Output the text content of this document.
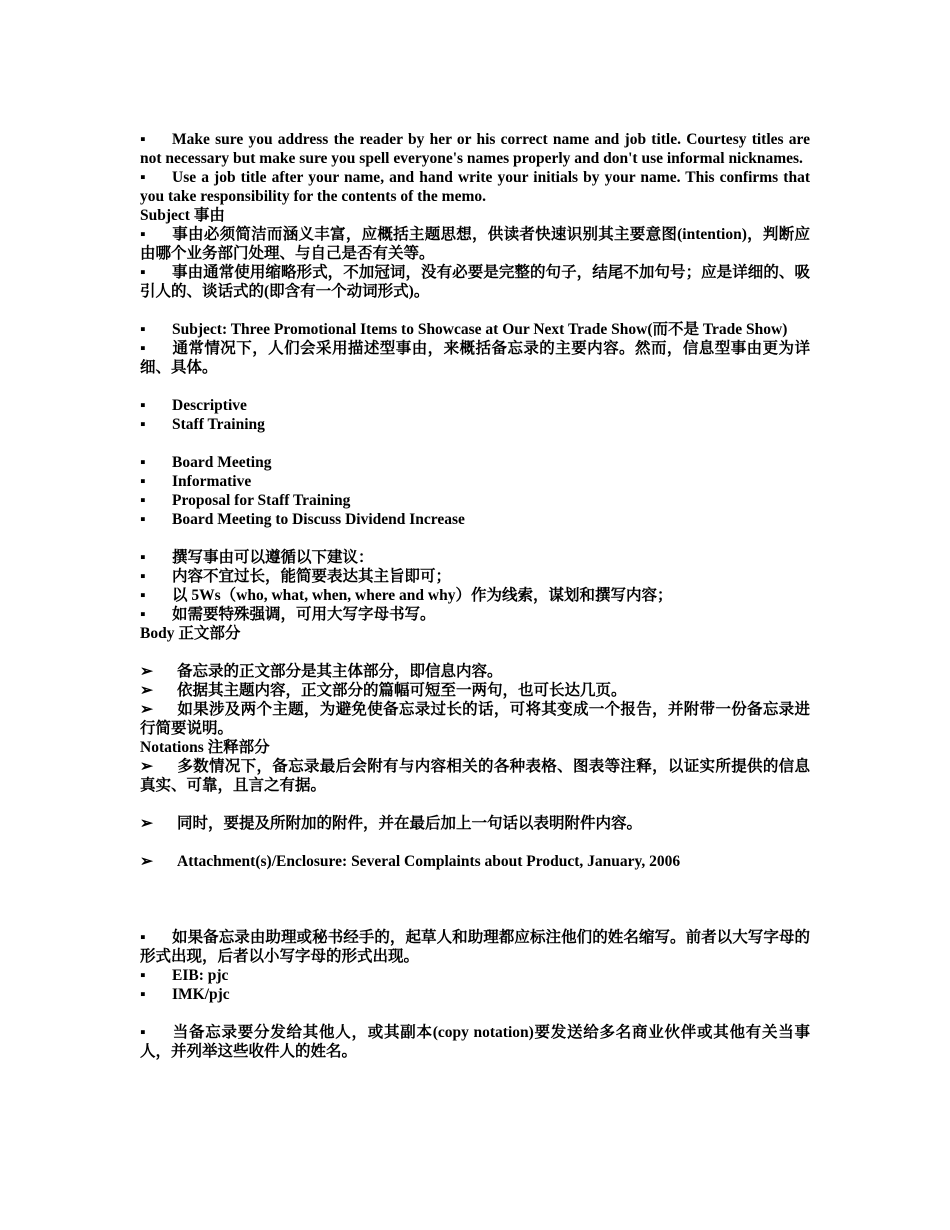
▪ Make sure you address the reader by her or his correct name and job title. Courtesy titles are not necessary but make sure you spell everyone's names properly and don't use informal nicknames.

▪ Use a job title after your name, and hand write your initials by your name. This confirms that you take responsibility for the contents of the memo.

Subject 事由

▪ 事由必须简洁而涵义丰富，应概括主题思想，供读者快速识别其主要意图(intention)，判断应由哪个业务部门处理、与自己是否有关等。

▪ 事由通常使用缩略形式，不加冠词，没有必要是完整的句子，结尾不加句号；应是详细的、吸引人的、谈话式的(即含有一个动词形式)。

▪ Subject: Three Promotional Items to Showcase at Our Next Trade Show(而不是 Trade Show)

▪ 通常情况下，人们会采用描述型事由，来概括备忘录的主要内容。然而，信息型事由更为详细、具体。

▪ Descriptive

▪ Staff Training

▪ Board Meeting

▪ Informative

▪ Proposal for Staff Training

▪ Board Meeting to Discuss Dividend Increase

▪ 撰写事由可以遵循以下建议：

▪ 内容不宜过长，能简要表达其主旨即可；

▪ 以 5Ws（who, what, when, where and why）作为线索，谋划和撰写内容；

▪ 如需要特殊强调，可用大写字母书写。

Body 正文部分

➢ 备忘录的正文部分是其主体部分，即信息内容。

➢ 依据其主题内容，正文部分的篇幅可短至一两句，也可长达几页。

➢ 如果涉及两个主题，为避免使备忘录过长的话，可将其变成一个报告，并附带一份备忘录进行简要说明。

Notations 注释部分

➢ 多数情况下，备忘录最后会附有与内容相关的各种表格、图表等注释，以证实所提供的信息真实、可靠，且言之有据。

➢ 同时，要提及所附加的附件，并在最后加上一句话以表明附件内容。

➢ Attachment(s)/Enclosure: Several Complaints about Product, January, 2006

▪ 如果备忘录由助理或秘书经手的，起草人和助理都应标注他们的姓名缩写。前者以大写字母的形式出现，后者以小写字母的形式出现。

▪ EIB: pjc

▪ IMK/pjc

▪ 当备忘录要分发给其他人，或其副本(copy notation)要发送给多名商业伙伴或其他有关当事人，并列举这些收件人的姓名。
